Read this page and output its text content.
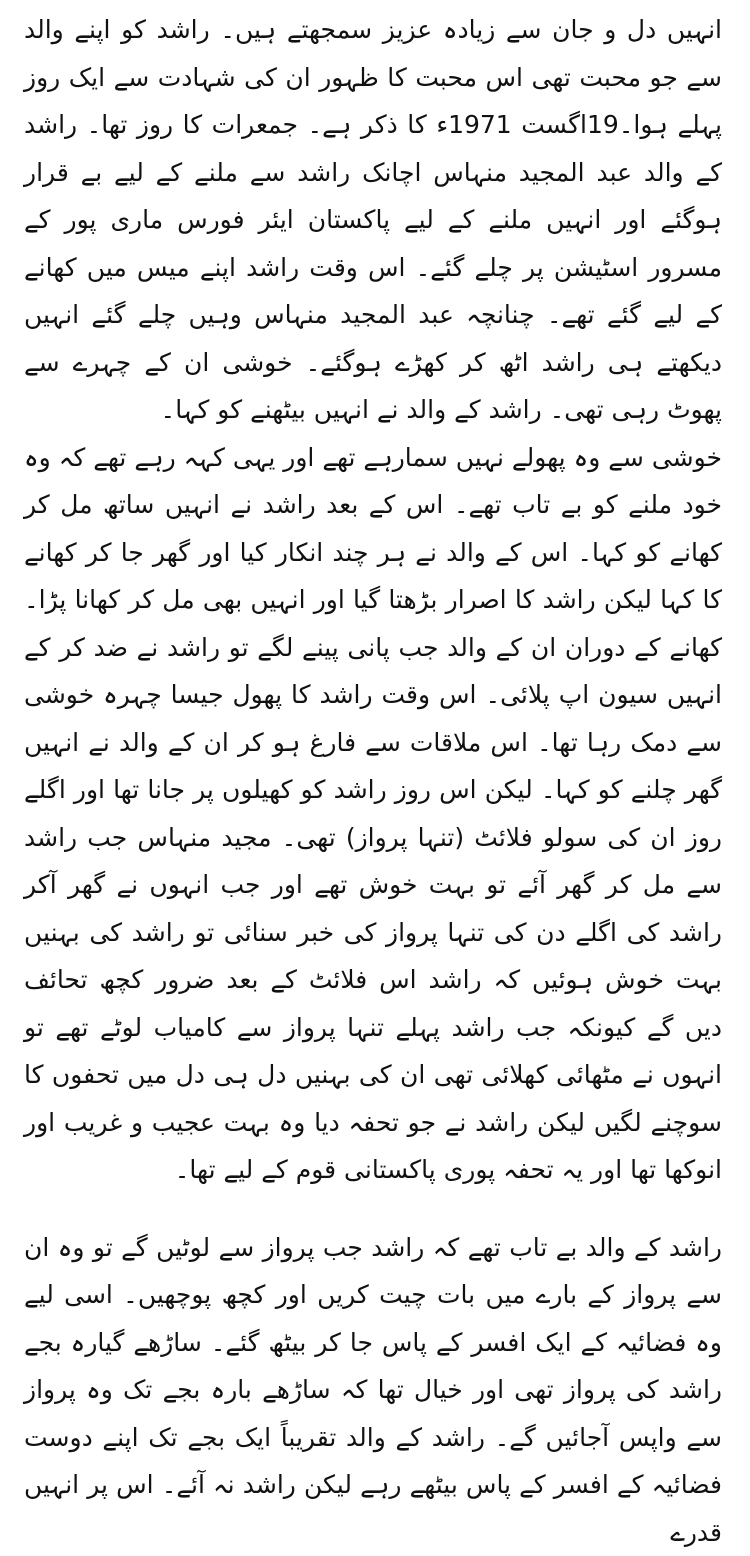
انہیں دل و جان سے زیادہ عزیز سمجھتے ہیں۔ راشد کو اپنے والد سے جو محبت تھی اس محبت کا ظہور ان کی شہادت سے ایک روز پہلے ہوا۔19اگست 1971ء کا ذکر ہے۔ جمعرات کا روز تھا۔ راشد کے والد عبد المجید منہاس اچانک راشد سے ملنے کے لیے بے قرار ہوگئے اور انہیں ملنے کے لیے پاکستان ایئر فورس ماری پور کے مسرور اسٹیشن پر چلے گئے۔ اس وقت راشد اپنے میس میں کھانے کے لیے گئے تھے۔ چنانچہ عبد المجید منہاس وہیں چلے گئے انہیں دیکھتے ہی راشد اٹھ کر کھڑے ہوگئے۔ خوشی ان کے چہرے سے پھوٹ رہی تھی۔ راشد کے والد نے انہیں بیٹھنے کو کہا۔

خوشی سے وہ پھولے نہیں سمارہے تھے اور یہی کہہ رہے تھے کہ وہ خود ملنے کو بے تاب تھے۔ اس کے بعد راشد نے انہیں ساتھ مل کر کھانے کو کہا۔ اس کے والد نے ہر چند انکار کیا اور گھر جا کر کھانے کا کہا لیکن راشد کا اصرار بڑھتا گیا اور انہیں بھی مل کر کھانا پڑا۔ کھانے کے دوران ان کے والد جب پانی پینے لگے تو راشد نے ضد کر کے انہیں سیون اپ پلائی۔ اس وقت راشد کا پھول جیسا چہرہ خوشی سے دمک رہا تھا۔ اس ملاقات سے فارغ ہو کر ان کے والد نے انہیں گھر چلنے کو کہا۔ لیکن اس روز راشد کو کھیلوں پر جانا تھا اور اگلے روز ان کی سولو فلائٹ (تنہا پرواز) تھی۔ مجید منہاس جب راشد سے مل کر گھر آئے تو بہت خوش تھے اور جب انہوں نے گھر آکر راشد کی اگلے دن کی تنہا پرواز کی خبر سنائی تو راشد کی بہنیں بہت خوش ہوئیں کہ راشد اس فلائٹ کے بعد ضرور کچھ تحائف دیں گے کیونکہ جب راشد پہلے تنہا پرواز سے کامیاب لوٹے تھے تو انہوں نے مٹھائی کھلائی تھی ان کی بہنیں دل ہی دل میں تحفوں کا سوچنے لگیں لیکن راشد نے جو تحفہ دیا وہ بہت عجیب و غریب اور انوکھا تھا اور یہ تحفہ پوری پاکستانی قوم کے لیے تھا۔

راشد کے والد بے تاب تھے کہ راشد جب پرواز سے لوٹیں گے تو وہ ان سے پرواز کے بارے میں بات چیت کریں اور کچھ پوچھیں۔ اسی لیے وہ فضائیہ کے ایک افسر کے پاس جا کر بیٹھ گئے۔ ساڑھے گیارہ بجے راشد کی پرواز تھی اور خیال تھا کہ ساڑھے بارہ بجے تک وہ پرواز سے واپس آجائیں گے۔ راشد کے والد تقریباً ایک بجے تک اپنے دوست فضائیہ کے افسر کے پاس بیٹھے رہے لیکن راشد نہ آئے۔ اس پر انہیں قدرے
